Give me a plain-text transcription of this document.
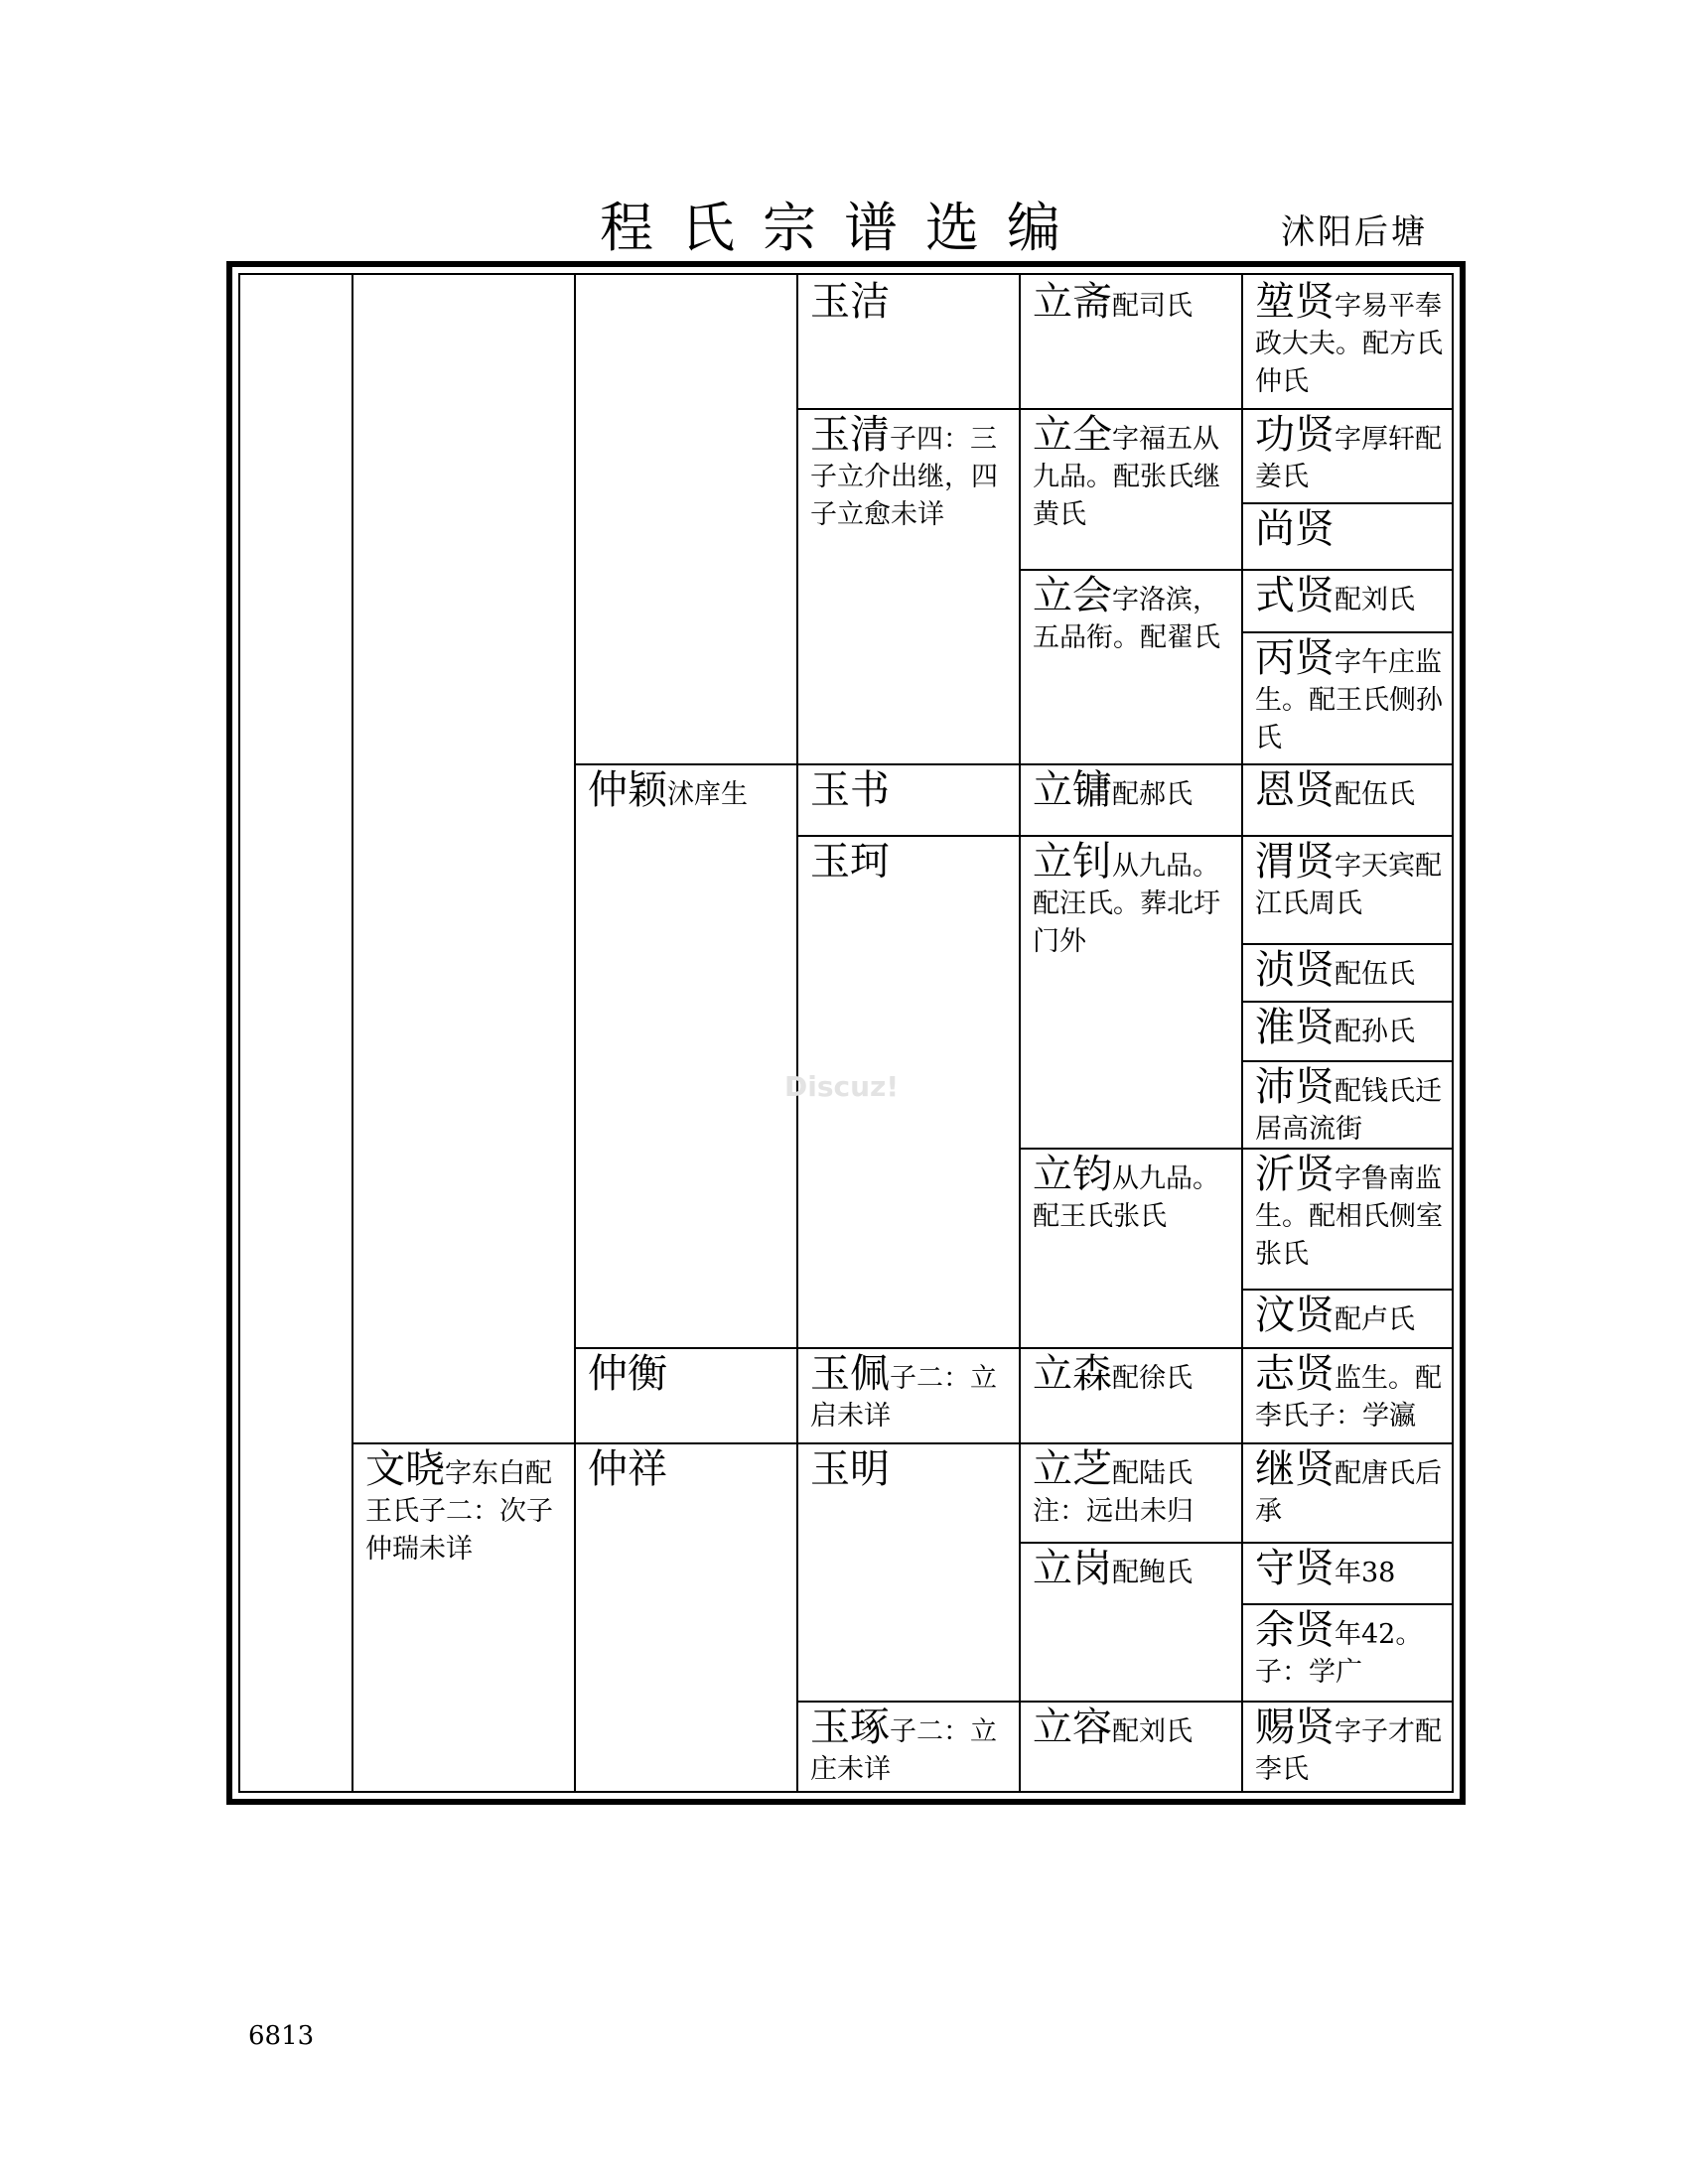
程氏宗谱选编	沭阳后塘
文晓字东白配王氏子二：次子仲瑞未详
仲颖沭庠生
仲衡
仲祥
玉洁
玉清子四：三子立介出继，四子立愈未详
玉书
玉珂
玉佩子二：立启未详
玉明
玉琢子二：立庄未详
立斋配司氏
立全字福五从九品。配张氏继黄氏
立会字洛滨，五品衔。配翟氏
立镛配郝氏
立钊从九品。配汪氏。葬北圩门外
立钧从九品。配王氏张氏
立森配徐氏
立芝配陆氏注：远出未归
立岗配鲍氏
立容配刘氏
堃贤字易平奉政大夫。配方氏仲氏
功贤字厚轩配姜氏
尚贤
式贤配刘氏
丙贤字午庄监生。配王氏侧孙氏
恩贤配伍氏
渭贤字天宾配江氏周氏
浈贤配伍氏
淮贤配孙氏
沛贤配钱氏迁居高流街
沂贤字鲁南监生。配相氏侧室张氏
汶贤配卢氏
志贤监生。配李氏子：学瀛
继贤配唐氏后承
守贤年38
余贤年42。子：学广
赐贤字子才配李氏
Discuz!
6813
